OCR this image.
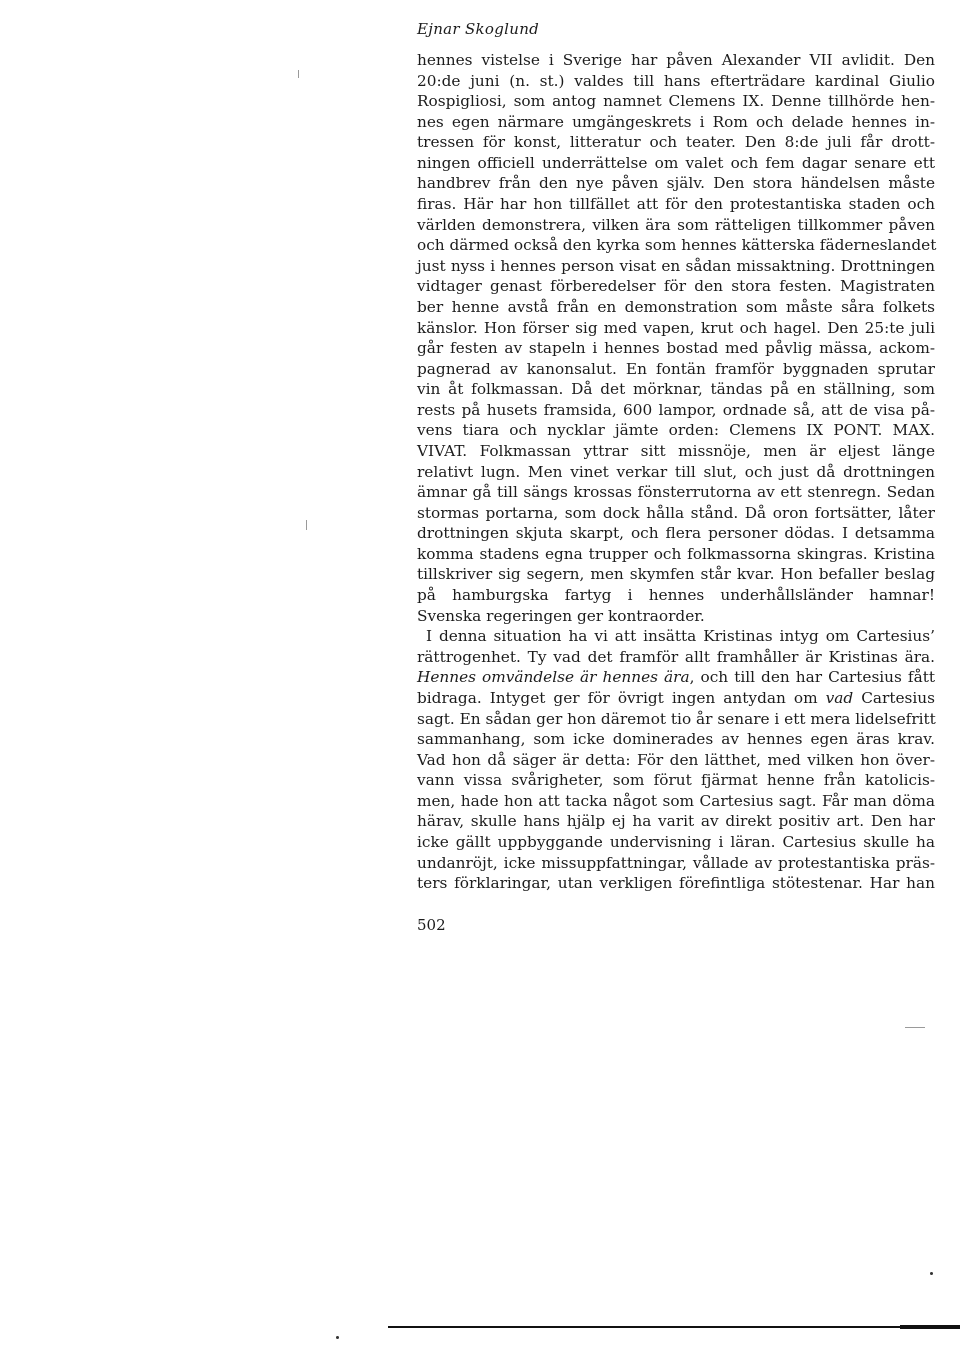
Ejnar Skoglund
hennes vistelse i Sverige har påven Alexander VII avlidit. Den
20:de juni (n. st.) valdes till hans efterträdare kardinal Giulio
Rospigliosi, som antog namnet Clemens IX. Denne tillhörde hen-
nes egen närmare umgängeskrets i Rom och delade hennes in-
tressen för konst, litteratur och teater. Den 8:de juli får drott-
ningen officiell underrättelse om valet och fem dagar senare ett
handbrev från den nye påven själv. Den stora händelsen måste
firas. Här har hon tillfället att för den protestantiska staden och
världen demonstrera, vilken ära som rätteligen tillkommer påven
och därmed också den kyrka som hennes kätterska fäderneslandet
just nyss i hennes person visat en sådan missaktning. Drottningen
vidtager genast förberedelser för den stora festen. Magistraten
ber henne avstå från en demonstration som måste såra folkets
känslor. Hon förser sig med vapen, krut och hagel. Den 25:te juli
går festen av stapeln i hennes bostad med påvlig mässa, ackom-
pagnerad av kanonsalut. En fontän framför byggnaden sprutar
vin åt folkmassan. Då det mörknar, tändas på en ställning, som
rests på husets framsida, 600 lampor, ordnade så, att de visa på-
vens tiara och nycklar jämte orden: Clemens IX PONT. MAX.
VIVAT. Folkmassan yttrar sitt missnöje, men är eljest länge
relativt lugn. Men vinet verkar till slut, och just då drottningen
ämnar gå till sängs krossas fönsterrutorna av ett stenregn. Sedan
stormas portarna, som dock hålla stånd. Då oron fortsätter, låter
drottningen skjuta skarpt, och flera personer dödas. I detsamma
komma stadens egna trupper och folkmassorna skingras. Kristina
tillskriver sig segern, men skymfen står kvar. Hon befaller beslag
på hamburgska fartyg i hennes underhållsländer hamnar!
Svenska regeringen ger kontraorder.
I denna situation ha vi att insätta Kristinas intyg om Cartesius’
rättrogenhet. Ty vad det framför allt framhåller är Kristinas ära.
Hennes omvändelse är hennes ära, och till den har Cartesius fått
bidraga. Intyget ger för övrigt ingen antydan om vad Cartesius
sagt. En sådan ger hon däremot tio år senare i ett mera lidelsefritt
sammanhang, som icke dominerades av hennes egen äras krav.
Vad hon då säger är detta: För den lätthet, med vilken hon över-
vann vissa svårigheter, som förut fjärmat henne från katolicis-
men, hade hon att tacka något som Cartesius sagt. Får man döma
härav, skulle hans hjälp ej ha varit av direkt positiv art. Den har
icke gällt uppbyggande undervisning i läran. Cartesius skulle ha
undanröjt, icke missuppfattningar, vållade av protestantiska präs-
ters förklaringar, utan verkligen förefintliga stötestenar. Har han
502
